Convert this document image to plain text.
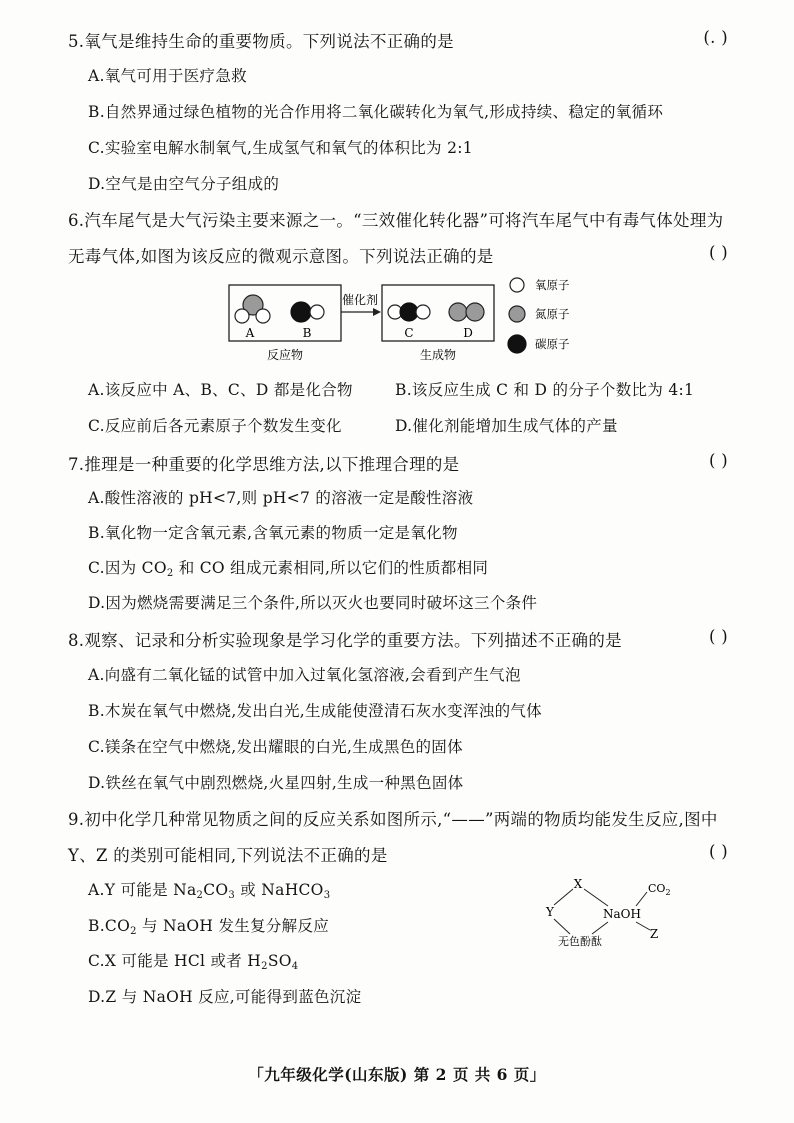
5.氧气是维持生命的重要物质。下列说法不正确的是	(. )
A.氧气可用于医疗急救
B.自然界通过绿色植物的光合作用将二氧化碳转化为氧气,形成持续、稳定的氧循环
C.实验室电解水制氧气,生成氢气和氧气的体积比为 2:1
D.空气是由空气分子组成的
6.汽车尾气是大气污染主要来源之一。“三效催化转化器”可将汽车尾气中有毒气体处理为
无毒气体,如图为该反应的微观示意图。下列说法正确的是	( )
A	B
反应物
催化剂
C	D
生成物
氧原子
氮原子
碳原子
A.该反应中 A、B、C、D 都是化合物	B.该反应生成 C 和 D 的分子个数比为 4:1
C.反应前后各元素原子个数发生变化	D.催化剂能增加生成气体的产量
7.推理是一种重要的化学思维方法,以下推理合理的是	( )
A.酸性溶液的 pH<7,则 pH<7 的溶液一定是酸性溶液
B.氧化物一定含氧元素,含氧元素的物质一定是氧化物
C.因为 $CO_2$ 和 CO 组成元素相同,所以它们的性质都相同
D.因为燃烧需要满足三个条件,所以灭火也要同时破坏这三个条件
8.观察、记录和分析实验现象是学习化学的重要方法。下列描述不正确的是	( )
A.向盛有二氧化锰的试管中加入过氧化氢溶液,会看到产生气泡
B.木炭在氧气中燃烧,发出白光,生成能使澄清石灰水变浑浊的气体
C.镁条在空气中燃烧,发出耀眼的白光,生成黑色的固体
D.铁丝在氧气中剧烈燃烧,火星四射,生成一种黑色固体
9.初中化学几种常见物质之间的反应关系如图所示,“——”两端的物质均能发生反应,图中
Y、Z 的类别可能相同,下列说法不正确的是	( )
A.Y 可能是 $Na_2CO_3$ 或 NaHCO$_3$
$B.CO_2$ 与 NaOH 发生复分解反应
C.X 可能是 HCl 或者 $H_2SO_4$
D.Z 与 NaOH 反应,可能得到蓝色沉淀
X
Y	NaOH
$CO_2$
Z
无色酚酞
「九年级化学(山东版) 第 2 页 共 6 页」
